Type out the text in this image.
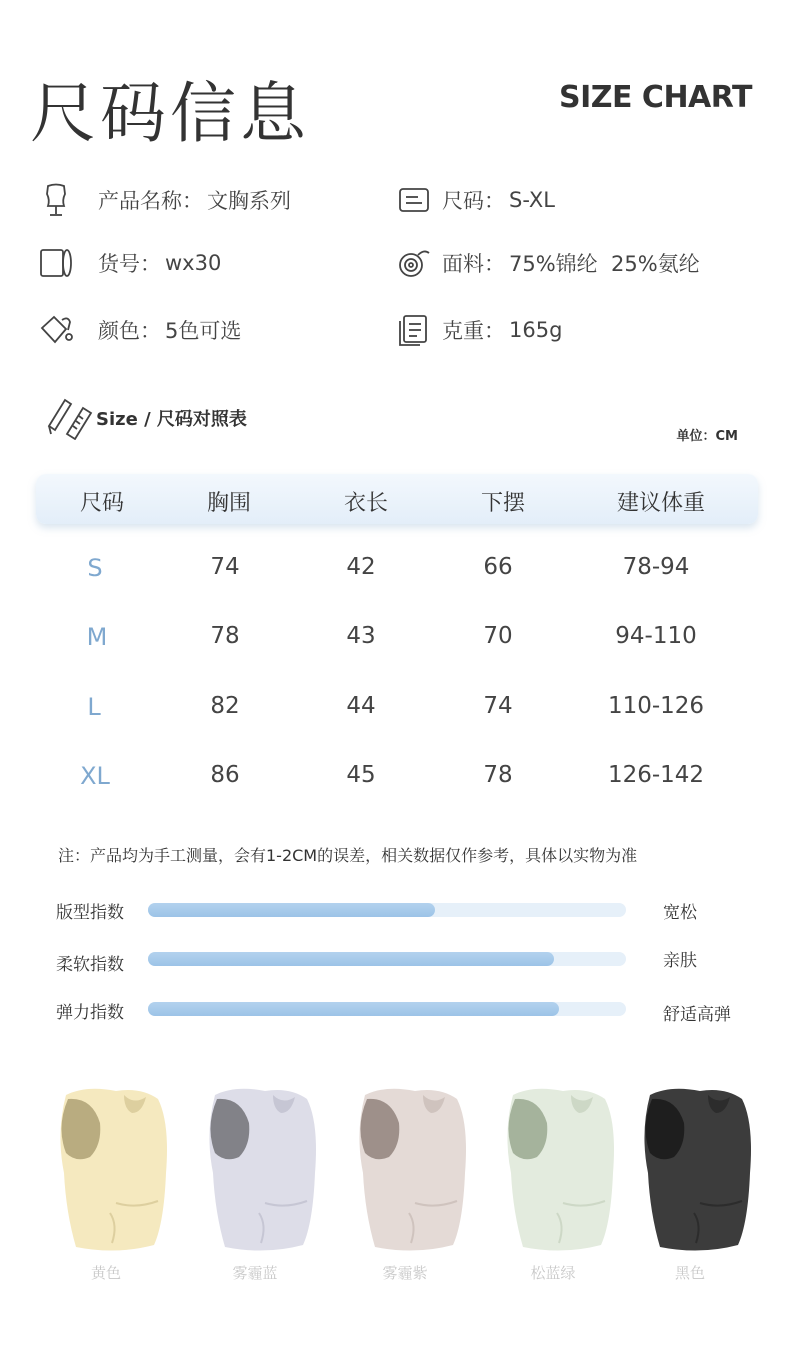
尺码信息	SIZE CHART
产品名称： 文胸系列	尺码： S-XL
货号： wx30	面料： 75%锦纶  25%氨纶
颜色： 5色可选	克重： 165g
Size / 尺码对照表
单位：CM
尺码	胸围	衣长	下摆	建议体重
S	74	42	66	78-94
M	78	43	70	94-110
L	82	44	74	110-126
XL	86	45	78	126-142
注：产品均为手工测量，会有1-2CM的误差，相关数据仅作参考，具体以实物为准
版型指数	宽松
柔软指数	亲肤
弹力指数	舒适高弹
黄色	雾霾蓝	雾霾紫	松蓝绿	黑色
